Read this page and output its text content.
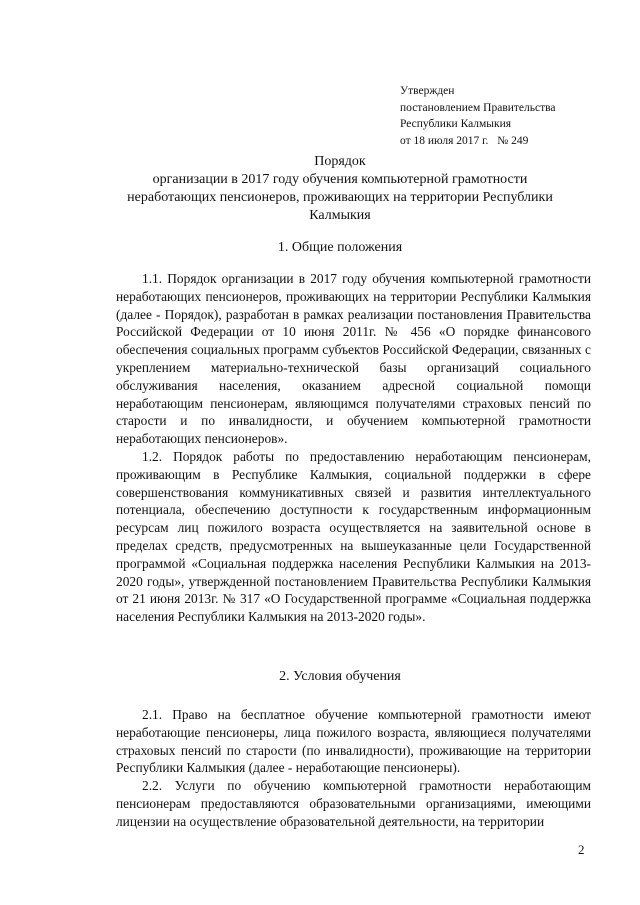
Утвержден
постановлением Правительства
Республики Калмыкия
от 18 июля 2017 г. № 249
Порядок
организации в 2017 году обучения компьютерной грамотности
неработающих пенсионеров, проживающих на территории Республики
Калмыкия
1. Общие положения

1.1. Порядок организации в 2017 году обучения компьютерной грамотности неработающих пенсионеров, проживающих на территории Республики Калмыкия (далее - Порядок), разработан в рамках реализации постановления Правительства Российской Федерации от 10 июня 2011г. № 456 «О порядке финансового обеспечения социальных программ субъектов Российской Федерации, связанных с укреплением материально-технической базы организаций социального обслуживания населения, оказанием адресной социальной помощи неработающим пенсионерам, являющимся получателями страховых пенсий по старости и по инвалидности, и обучением компьютерной грамотности неработающих пенсионеров».

1.2. Порядок работы по предоставлению неработающим пенсионерам, проживающим в Республике Калмыкия, социальной поддержки в сфере совершенствования коммуникативных связей и развития интеллектуального потенциала, обеспечению доступности к государственным информационным ресурсам лиц пожилого возраста осуществляется на заявительной основе в пределах средств, предусмотренных на вышеуказанные цели Государственной программой «Социальная поддержка населения Республики Калмыкия на 2013-2020 годы», утвержденной постановлением Правительства Республики Калмыкия от 21 июня 2013г. № 317 «О Государственной программе «Социальная поддержка населения Республики Калмыкия на 2013-2020 годы».

2. Условия обучения

2.1. Право на бесплатное обучение компьютерной грамотности имеют неработающие пенсионеры, лица пожилого возраста, являющиеся получателями страховых пенсий по старости (по инвалидности), проживающие на территории Республики Калмыкия (далее - неработающие пенсионеры).

2.2. Услуги по обучению компьютерной грамотности неработающим пенсионерам предоставляются образовательными организациями, имеющими лицензии на осуществление образовательной деятельности, на территории

2
